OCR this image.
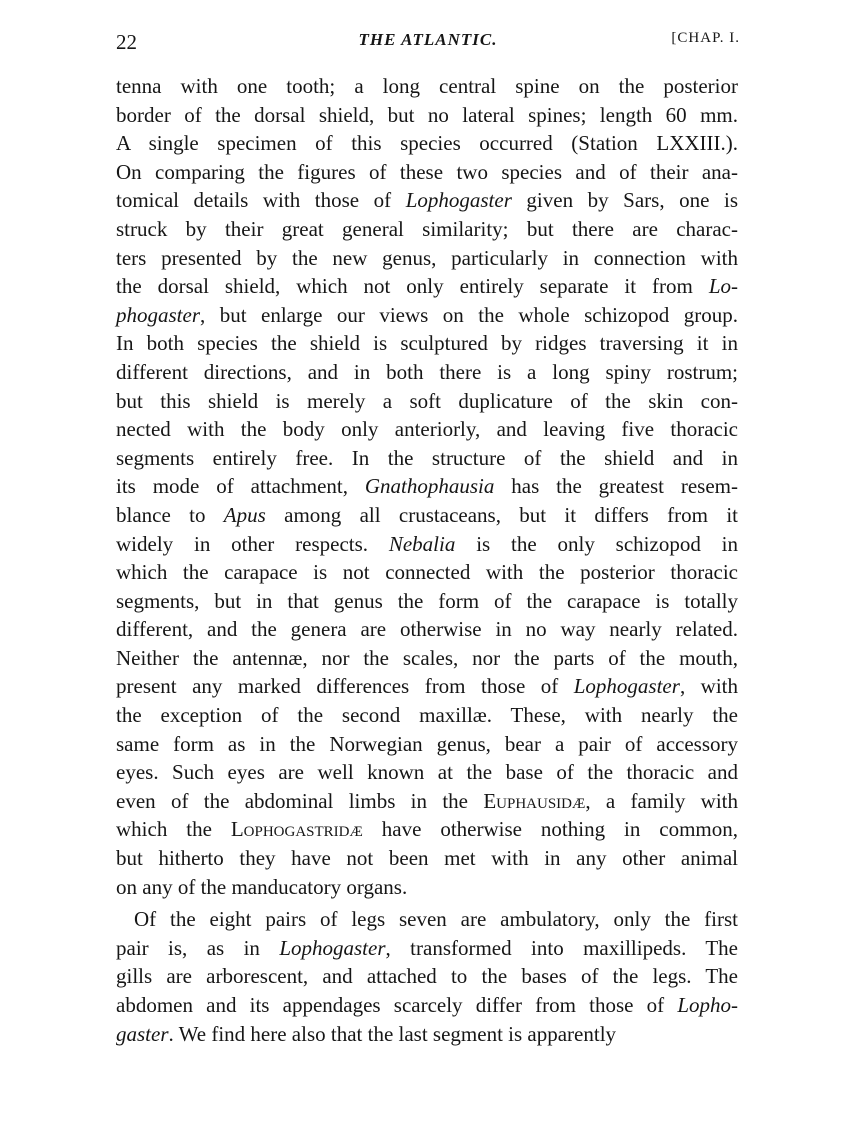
22	THE ATLANTIC.	[CHAP. I.
tenna with one tooth; a long central spine on the posterior
border of the dorsal shield, but no lateral spines; length 60 mm.
A single specimen of this species occurred (Station LXXIII.).
On comparing the figures of these two species and of their ana-
tomical details with those of Lophogaster given by Sars, one is
struck by their great general similarity; but there are charac-
ters presented by the new genus, particularly in connection with
the dorsal shield, which not only entirely separate it from Lo-
phogaster, but enlarge our views on the whole schizopod group.
In both species the shield is sculptured by ridges traversing it in
different directions, and in both there is a long spiny rostrum;
but this shield is merely a soft duplicature of the skin con-
nected with the body only anteriorly, and leaving five thoracic
segments entirely free. In the structure of the shield and in
its mode of attachment, Gnathophausia has the greatest resem-
blance to Apus among all crustaceans, but it differs from it
widely in other respects. Nebalia is the only schizopod in
which the carapace is not connected with the posterior thoracic
segments, but in that genus the form of the carapace is totally
different, and the genera are otherwise in no way nearly related.
Neither the antennæ, nor the scales, nor the parts of the mouth,
present any marked differences from those of Lophogaster, with
the exception of the second maxillæ. These, with nearly the
same form as in the Norwegian genus, bear a pair of accessory
eyes. Such eyes are well known at the base of the thoracic and
even of the abdominal limbs in the Euphausidæ, a family with
which the Lophogastridæ have otherwise nothing in common,
but hitherto they have not been met with in any other animal
on any of the manducatory organs.
Of the eight pairs of legs seven are ambulatory, only the first
pair is, as in Lophogaster, transformed into maxillipeds. The
gills are arborescent, and attached to the bases of the legs. The
abdomen and its appendages scarcely differ from those of Lopho-
gaster. We find here also that the last segment is apparently
